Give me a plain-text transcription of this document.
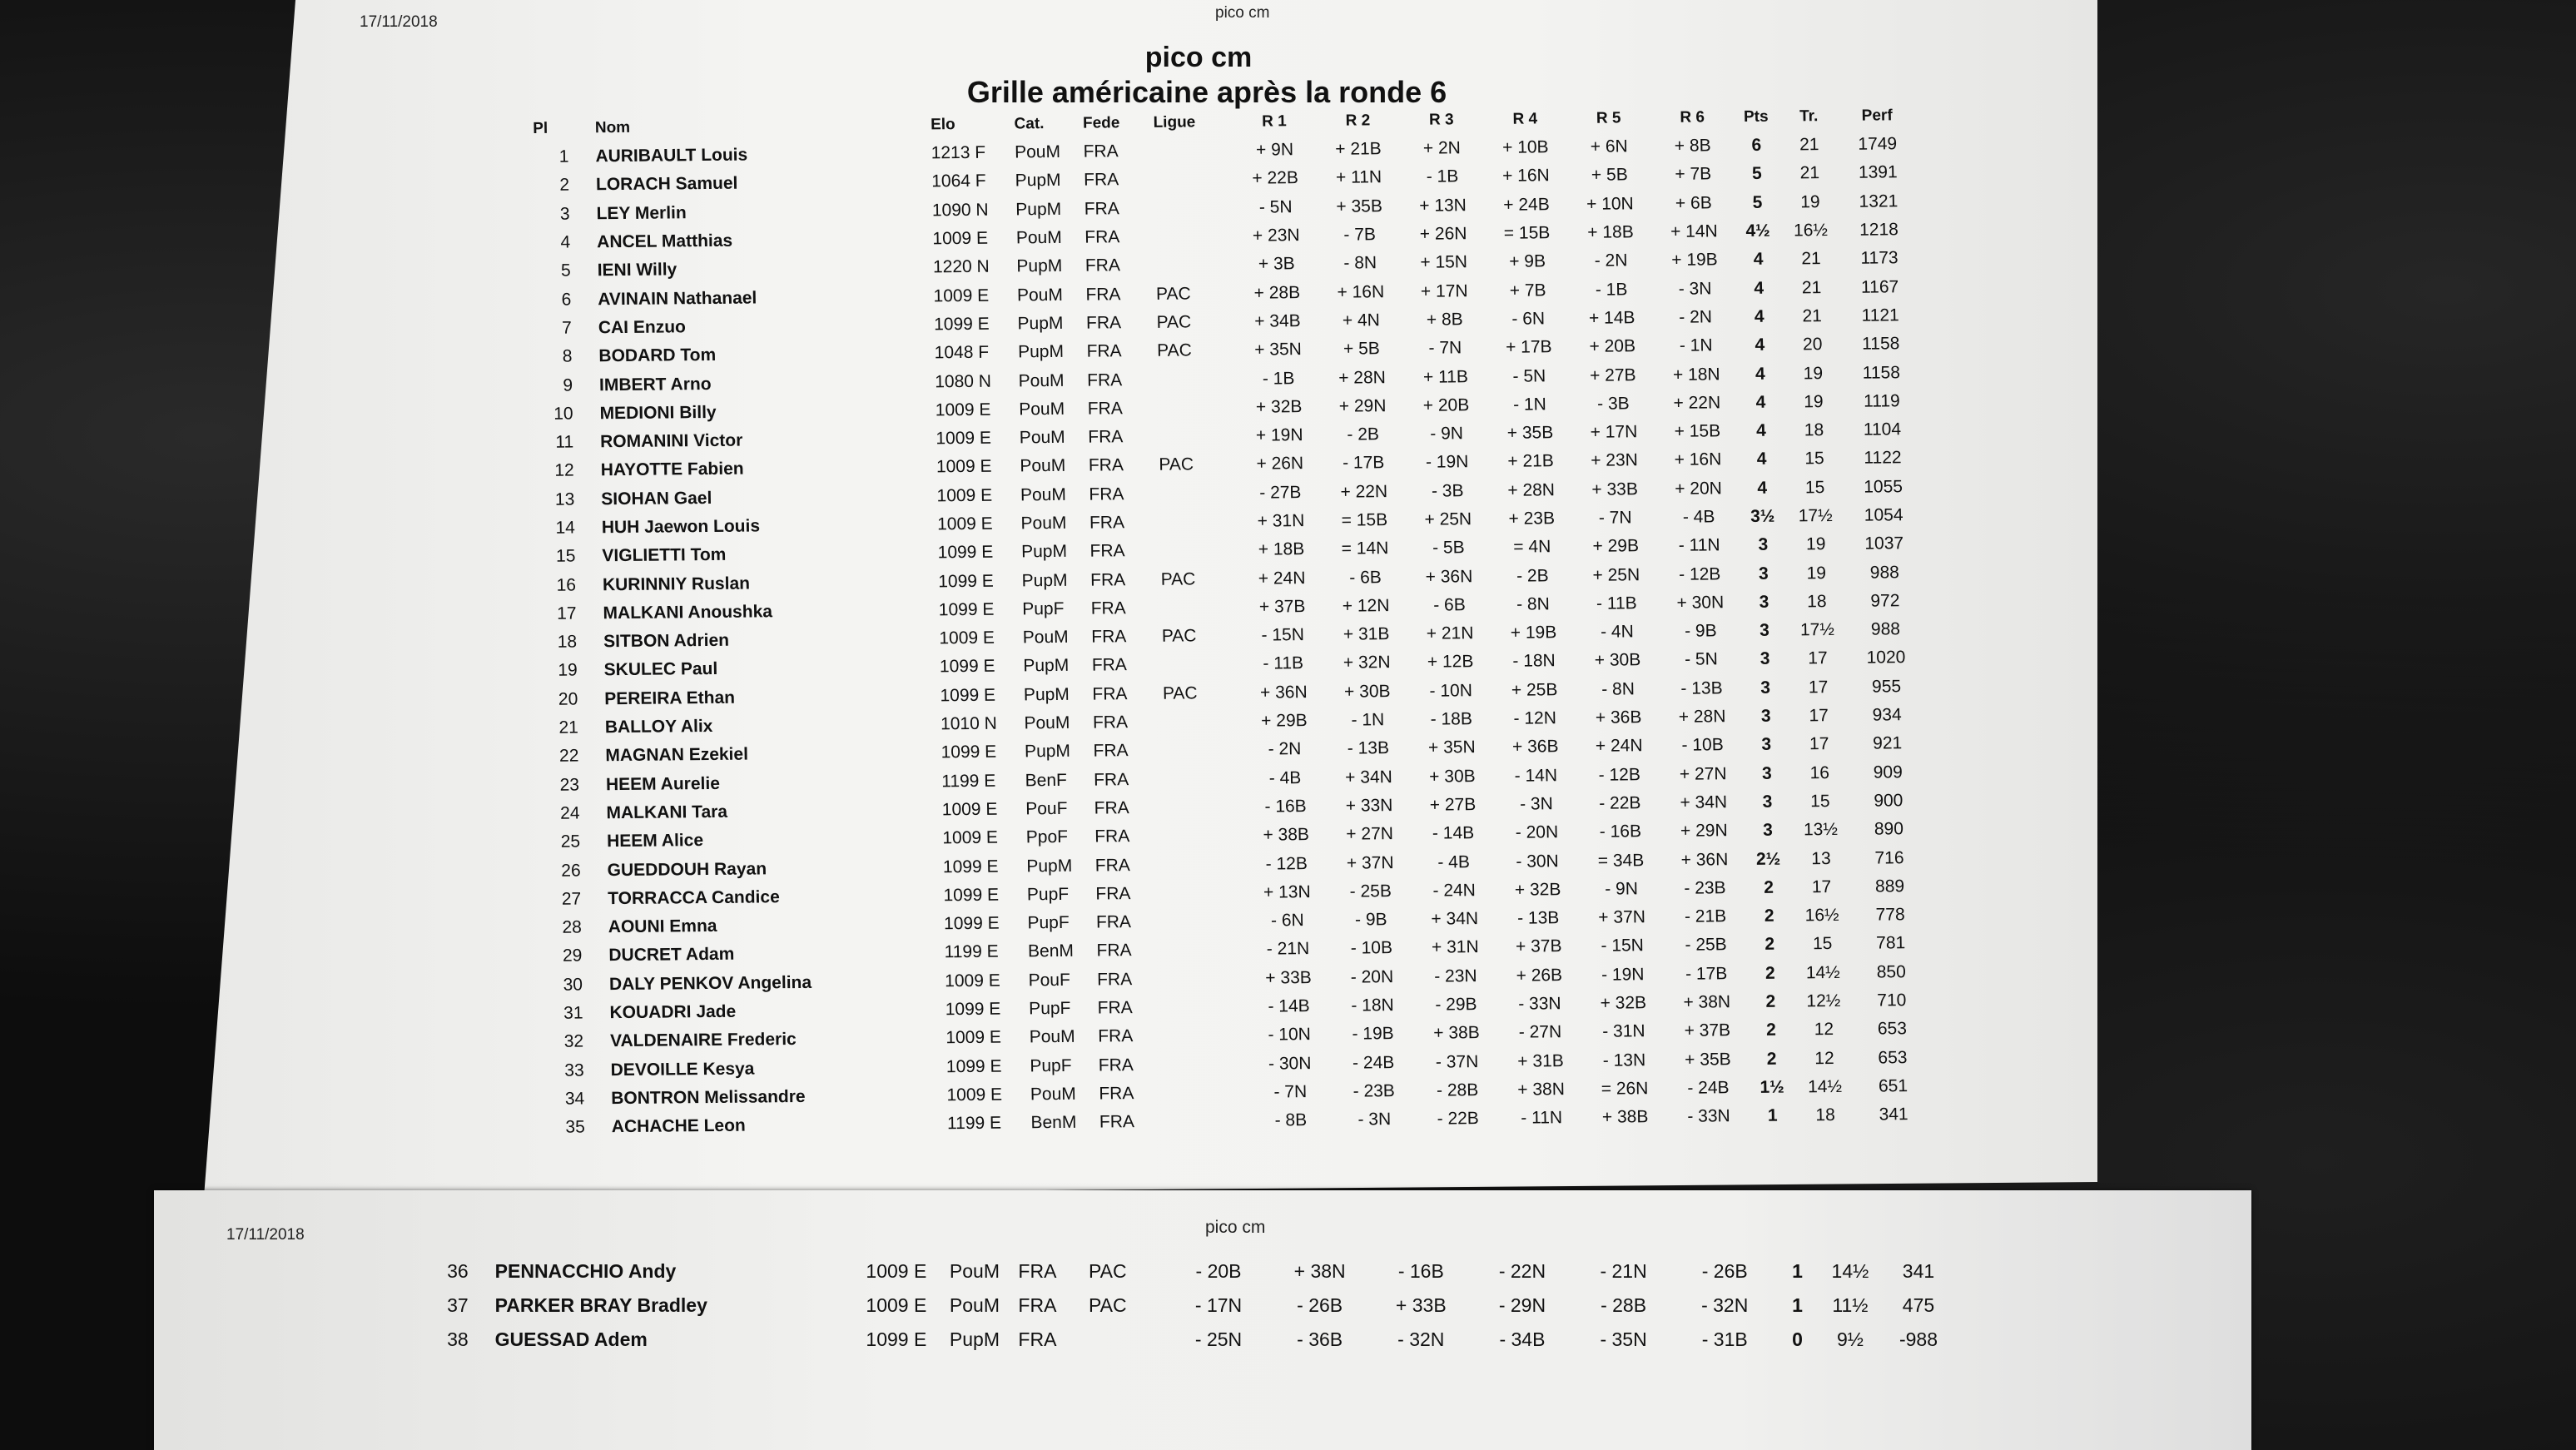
17/11/2018
pico cm
pico cm
Grille américaine après la ronde 6
Pl	Nom	Elo	Cat.	Fede	Ligue	R 1	R 2	R 3	R 4	R 5	R 6	Pts	Tr.	Perf
1	AURIBAULT Louis	1213 F	PouM	FRA		+ 9N	+ 21B	+ 2N	+ 10B	+ 6N	+ 8B	6	21	1749
2	LORACH Samuel	1064 F	PupM	FRA		+ 22B	+ 11N	- 1B	+ 16N	+ 5B	+ 7B	5	21	1391
3	LEY Merlin	1090 N	PupM	FRA		- 5N	+ 35B	+ 13N	+ 24B	+ 10N	+ 6B	5	19	1321
4	ANCEL Matthias	1009 E	PouM	FRA		+ 23N	- 7B	+ 26N	= 15B	+ 18B	+ 14N	4½	16½	1218
5	IENI Willy	1220 N	PupM	FRA		+ 3B	- 8N	+ 15N	+ 9B	- 2N	+ 19B	4	21	1173
6	AVINAIN Nathanael	1009 E	PouM	FRA	PAC	+ 28B	+ 16N	+ 17N	+ 7B	- 1B	- 3N	4	21	1167
7	CAI Enzuo	1099 E	PupM	FRA	PAC	+ 34B	+ 4N	+ 8B	- 6N	+ 14B	- 2N	4	21	1121
8	BODARD Tom	1048 F	PupM	FRA	PAC	+ 35N	+ 5B	- 7N	+ 17B	+ 20B	- 1N	4	20	1158
9	IMBERT Arno	1080 N	PouM	FRA		- 1B	+ 28N	+ 11B	- 5N	+ 27B	+ 18N	4	19	1158
10	MEDIONI Billy	1009 E	PouM	FRA		+ 32B	+ 29N	+ 20B	- 1N	- 3B	+ 22N	4	19	1119
11	ROMANINI Victor	1009 E	PouM	FRA		+ 19N	- 2B	- 9N	+ 35B	+ 17N	+ 15B	4	18	1104
12	HAYOTTE Fabien	1009 E	PouM	FRA	PAC	+ 26N	- 17B	- 19N	+ 21B	+ 23N	+ 16N	4	15	1122
13	SIOHAN Gael	1009 E	PouM	FRA		- 27B	+ 22N	- 3B	+ 28N	+ 33B	+ 20N	4	15	1055
14	HUH Jaewon Louis	1009 E	PouM	FRA		+ 31N	= 15B	+ 25N	+ 23B	- 7N	- 4B	3½	17½	1054
15	VIGLIETTI Tom	1099 E	PupM	FRA		+ 18B	= 14N	- 5B	= 4N	+ 29B	- 11N	3	19	1037
16	KURINNIY Ruslan	1099 E	PupM	FRA	PAC	+ 24N	- 6B	+ 36N	- 2B	+ 25N	- 12B	3	19	988
17	MALKANI Anoushka	1099 E	PupF	FRA		+ 37B	+ 12N	- 6B	- 8N	- 11B	+ 30N	3	18	972
18	SITBON Adrien	1009 E	PouM	FRA	PAC	- 15N	+ 31B	+ 21N	+ 19B	- 4N	- 9B	3	17½	988
19	SKULEC Paul	1099 E	PupM	FRA		- 11B	+ 32N	+ 12B	- 18N	+ 30B	- 5N	3	17	1020
20	PEREIRA Ethan	1099 E	PupM	FRA	PAC	+ 36N	+ 30B	- 10N	+ 25B	- 8N	- 13B	3	17	955
21	BALLOY Alix	1010 N	PouM	FRA		+ 29B	- 1N	- 18B	- 12N	+ 36B	+ 28N	3	17	934
22	MAGNAN Ezekiel	1099 E	PupM	FRA		- 2N	- 13B	+ 35N	+ 36B	+ 24N	- 10B	3	17	921
23	HEEM Aurelie	1199 E	BenF	FRA		- 4B	+ 34N	+ 30B	- 14N	- 12B	+ 27N	3	16	909
24	MALKANI Tara	1009 E	PouF	FRA		- 16B	+ 33N	+ 27B	- 3N	- 22B	+ 34N	3	15	900
25	HEEM Alice	1009 E	PpoF	FRA		+ 38B	+ 27N	- 14B	- 20N	- 16B	+ 29N	3	13½	890
26	GUEDDOUH Rayan	1099 E	PupM	FRA		- 12B	+ 37N	- 4B	- 30N	= 34B	+ 36N	2½	13	716
27	TORRACCA Candice	1099 E	PupF	FRA		+ 13N	- 25B	- 24N	+ 32B	- 9N	- 23B	2	17	889
28	AOUNI Emna	1099 E	PupF	FRA		- 6N	- 9B	+ 34N	- 13B	+ 37N	- 21B	2	16½	778
29	DUCRET Adam	1199 E	BenM	FRA		- 21N	- 10B	+ 31N	+ 37B	- 15N	- 25B	2	15	781
30	DALY PENKOV Angelina	1009 E	PouF	FRA		+ 33B	- 20N	- 23N	+ 26B	- 19N	- 17B	2	14½	850
31	KOUADRI Jade	1099 E	PupF	FRA		- 14B	- 18N	- 29B	- 33N	+ 32B	+ 38N	2	12½	710
32	VALDENAIRE Frederic	1009 E	PouM	FRA		- 10N	- 19B	+ 38B	- 27N	- 31N	+ 37B	2	12	653
33	DEVOILLE Kesya	1099 E	PupF	FRA		- 30N	- 24B	- 37N	+ 31B	- 13N	+ 35B	2	12	653
34	BONTRON Melissandre	1009 E	PouM	FRA		- 7N	- 23B	- 28B	+ 38N	= 26N	- 24B	1½	14½	651
35	ACHACHE Leon	1199 E	BenM	FRA		- 8B	- 3N	- 22B	- 11N	+ 38B	- 33N	1	18	341
17/11/2018	pico cm
36	PENNACCHIO Andy	1009 E	PouM	FRA	PAC	- 20B	+ 38N	- 16B	- 22N	- 21N	- 26B	1	14½	341
37	PARKER BRAY Bradley	1009 E	PouM	FRA	PAC	- 17N	- 26B	+ 33B	- 29N	- 28B	- 32N	1	11½	475
38	GUESSAD Adem	1099 E	PupM	FRA		- 25N	- 36B	- 32N	- 34B	- 35N	- 31B	0	9½	-988
